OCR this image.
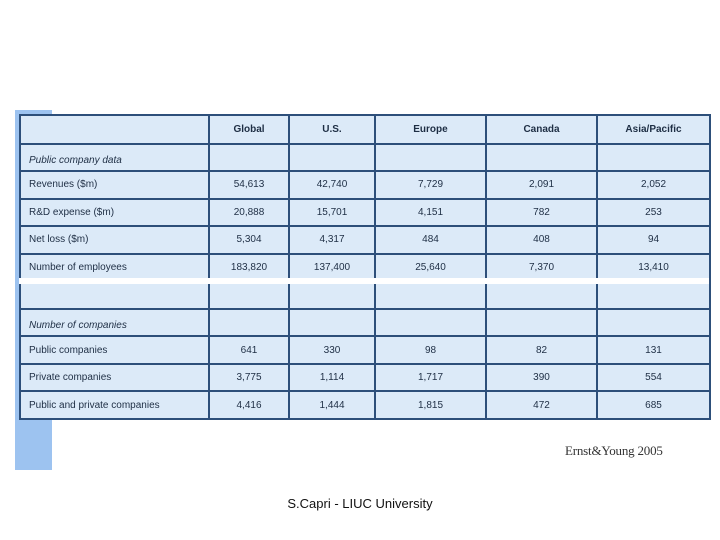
	Global	U.S.	Europe	Canada	Asia/Pacific
Public company data					
Revenues ($m)	54,613	42,740	7,729	2,091	2,052
R&D expense ($m)	20,888	15,701	4,151	782	253
Net loss ($m)	5,304	4,317	484	408	94
Number of employees	183,820	137,400	25,640	7,370	13,410

Number of companies					
Public companies	641	330	98	82	131
Private companies	3,775	1,114	1,717	390	554
Public and private companies	4,416	1,444	1,815	472	685
Ernst&Young 2005
S.Capri - LIUC University
